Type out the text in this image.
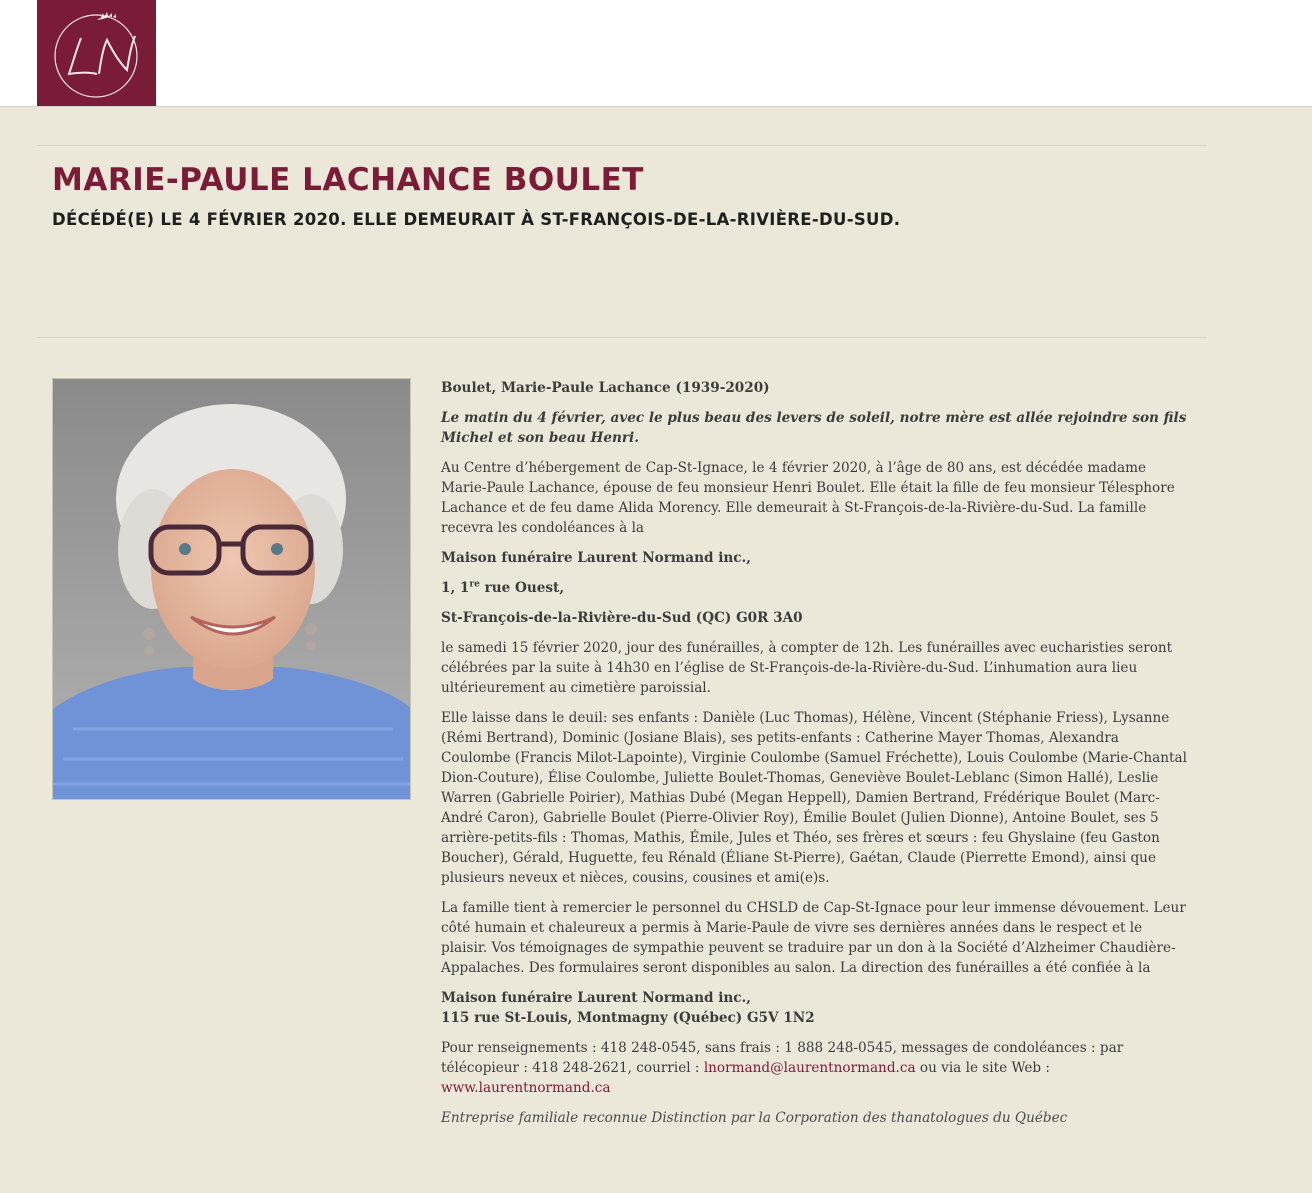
MARIE-PAULE LACHANCE BOULET
DÉCÉDÉ(E) LE 4 FÉVRIER 2020. ELLE DEMEURAIT À ST-FRANÇOIS-DE-LA-RIVIÈRE-DU-SUD.

Boulet, Marie-Paule Lachance (1939-2020)

Le matin du 4 février, avec le plus beau des levers de soleil, notre mère est allée rejoindre son fils Michel et son beau Henri.

Au Centre d’hébergement de Cap-St-Ignace, le 4 février 2020, à l’âge de 80 ans, est décédée madame Marie-Paule Lachance, épouse de feu monsieur Henri Boulet. Elle était la fille de feu monsieur Télesphore Lachance et de feu dame Alida Morency. Elle demeurait à St-François-de-la-Rivière-du-Sud. La famille recevra les condoléances à la

Maison funéraire Laurent Normand inc.,

1, 1re rue Ouest,

St-François-de-la-Rivière-du-Sud (QC) G0R 3A0

le samedi 15 février 2020, jour des funérailles, à compter de 12h. Les funérailles avec eucharisties seront célébrées par la suite à 14h30 en l’église de St-François-de-la-Rivière-du-Sud. L’inhumation aura lieu ultérieurement au cimetière paroissial.

Elle laisse dans le deuil: ses enfants : Danièle (Luc Thomas), Hélène, Vincent (Stéphanie Friess), Lysanne (Rémi Bertrand), Dominic (Josiane Blais), ses petits-enfants : Catherine Mayer Thomas, Alexandra Coulombe (Francis Milot-Lapointe), Virginie Coulombe (Samuel Fréchette), Louis Coulombe (Marie-Chantal Dion-Couture), Élise Coulombe, Juliette Boulet-Thomas, Geneviève Boulet-Leblanc (Simon Hallé), Leslie Warren (Gabrielle Poirier), Mathias Dubé (Megan Heppell), Damien Bertrand, Frédérique Boulet (Marc-André Caron), Gabrielle Boulet (Pierre-Olivier Roy), Émilie Boulet (Julien Dionne), Antoine Boulet, ses 5 arrière-petits-fils : Thomas, Mathis, Émile, Jules et Théo, ses frères et sœurs : feu Ghyslaine (feu Gaston Boucher), Gérald, Huguette, feu Rénald (Éliane St-Pierre), Gaétan, Claude (Pierrette Emond), ainsi que plusieurs neveux et nièces, cousins, cousines et ami(e)s.

La famille tient à remercier le personnel du CHSLD de Cap-St-Ignace pour leur immense dévouement. Leur côté humain et chaleureux a permis à Marie-Paule de vivre ses dernières années dans le respect et le plaisir. Vos témoignages de sympathie peuvent se traduire par un don à la Société d’Alzheimer Chaudière-Appalaches. Des formulaires seront disponibles au salon. La direction des funérailles a été confiée à la

Maison funéraire Laurent Normand inc.,
115 rue St-Louis, Montmagny (Québec) G5V 1N2

Pour renseignements : 418 248-0545, sans frais : 1 888 248-0545, messages de condoléances : par télécopieur : 418 248-2621, courriel : lnormand@laurentnormand.ca ou via le site Web :
www.laurentnormand.ca

Entreprise familiale reconnue Distinction par la Corporation des thanatologues du Québec
